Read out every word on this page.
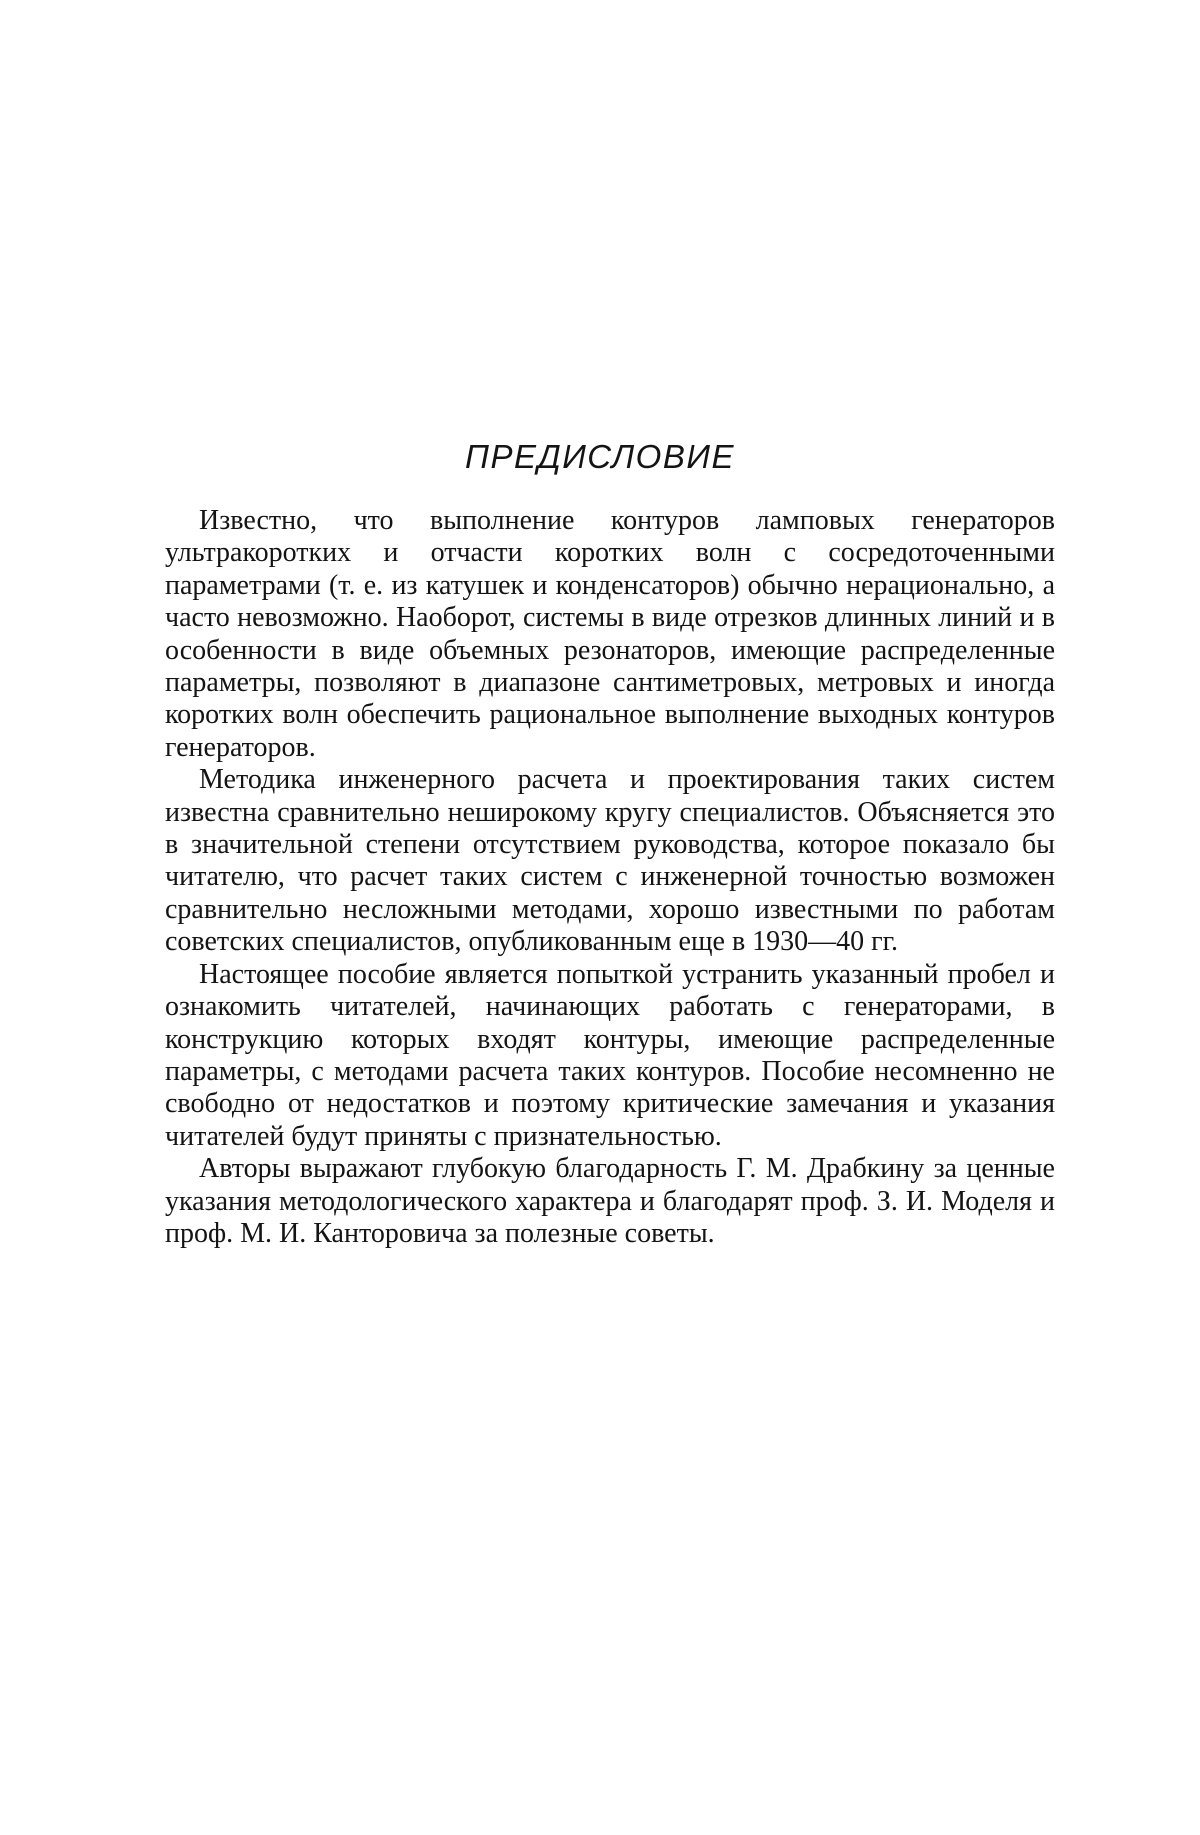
ПРЕДИСЛОВИЕ

Известно, что выполнение контуров ламповых генераторов ультракоротких и отчасти коротких волн с сосредоточенными параметрами (т. е. из катушек и конденсаторов) обычно нерационально, а часто невозможно. Наоборот, системы в виде отрезков длинных линий и в особенности в виде объемных резонаторов, имеющие распределенные параметры, позволяют в диапазоне сантиметровых, метровых и иногда коротких волн обеспечить рациональное выполнение выходных контуров генераторов.

Методика инженерного расчета и проектирования таких систем известна сравнительно неширокому кругу специалистов. Объясняется это в значительной степени отсутствием руководства, которое показало бы читателю, что расчет таких систем с инженерной точностью возможен сравнительно несложными методами, хорошо известными по работам советских специалистов, опубликованным еще в 1930—40 гг.

Настоящее пособие является попыткой устранить указанный пробел и ознакомить читателей, начинающих работать с генераторами, в конструкцию которых входят контуры, имеющие распределенные параметры, с методами расчета таких контуров. Пособие несомненно не свободно от недостатков и поэтому критические замечания и указания читателей будут приняты с признательностью.

Авторы выражают глубокую благодарность Г. М. Драбкину за ценные указания методологического характера и благодарят проф. З. И. Моделя и проф. М. И. Канторовича за полезные советы.
